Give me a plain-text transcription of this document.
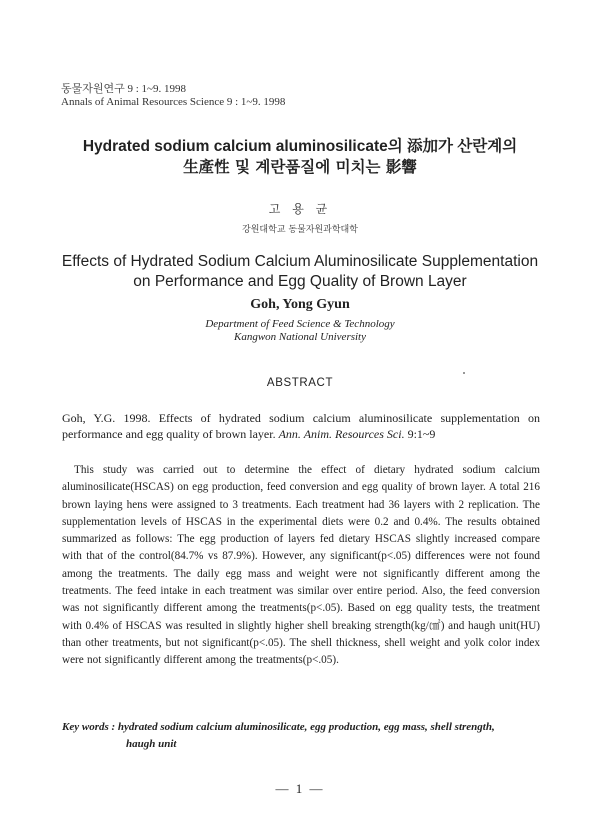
동물자원연구 9 : 1~9. 1998
Annals of Animal Resources Science 9 : 1~9. 1998
Hydrated sodium calcium aluminosilicate의 添加가 산란계의
生產性 및 계란품질에 미치는 影響
고 용 균
강원대학교 동물자원과학대학
Effects of Hydrated Sodium Calcium Aluminosilicate Supplementation
on Performance and Egg Quality of Brown Layer
Goh, Yong Gyun
Department of Feed Science & Technology
Kangwon National University
ABSTRACT
Goh, Y.G. 1998. Effects of hydrated sodium calcium aluminosilicate supplementation on performance and egg quality of brown layer. Ann. Anim. Resources Sci. 9:1~9
This study was carried out to determine the effect of dietary hydrated sodium calcium aluminosilicate(HSCAS) on egg production, feed conversion and egg quality of brown layer. A total 216 brown laying hens were assigned to 3 treatments. Each treatment had 36 layers with 2 replication. The supplementation levels of HSCAS in the experimental diets were 0.2 and 0.4%. The results obtained summarized as follows: The egg production of layers fed dietary HSCAS slightly increased compare with that of the control(84.7% vs 87.9%). However, any significant(p<.05) differences were not found among the treatments. The daily egg mass and weight were not significantly different among the treatments. The feed intake in each treatment was similar over entire period. Also, the feed conversion was not significantly different among the treatments(p<.05). Based on egg quality tests, the treatment with 0.4% of HSCAS was resulted in slightly higher shell breaking strength(kg/㎠) and haugh unit(HU) than other treatments, but not significant(p<.05). The shell thickness, shell weight and yolk color index were not significantly different among the treatments(p<.05).
Key words : hydrated sodium calcium aluminosilicate, egg production, egg mass, shell strength,
haugh unit
— 1 —
